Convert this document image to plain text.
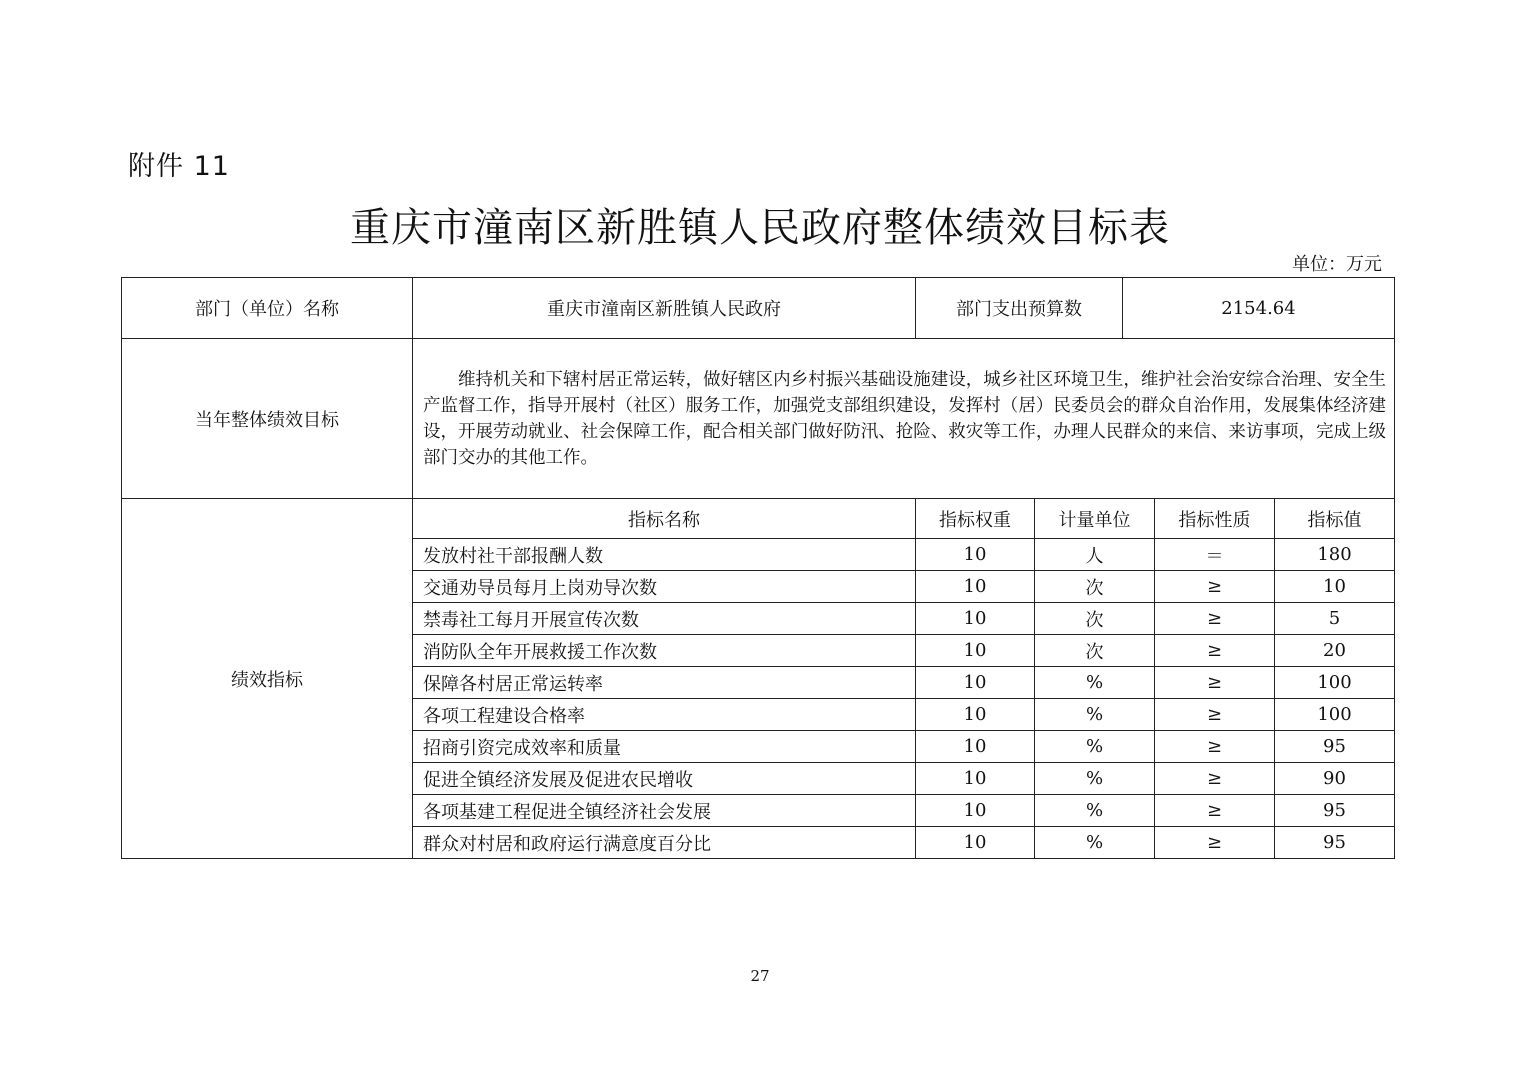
附件 11
重庆市潼南区新胜镇人民政府整体绩效目标表
单位：万元
部门（单位）名称	重庆市潼南区新胜镇人民政府	部门支出预算数		2154.64		
当年整体绩效目标	维持机关和下辖村居正常运转，做好辖区内乡村振兴基础设施建设，城乡社区环境卫生，维护社会治安综合治理、安全生产监督工作，指导开展村（社区）服务工作，加强党支部组织建设，发挥村（居）民委员会的群众自治作用，发展集体经济建设，开展劳动就业、社会保障工作，配合相关部门做好防汛、抢险、救灾等工作，办理人民群众的来信、来访事项，完成上级部门交办的其他工作。					
绩效指标	指标名称	指标权重	计量单位		指标性质	指标值
	发放村社干部报酬人数	10	人		＝	180
	交通劝导员每月上岗劝导次数	10	次		≥	10
	禁毒社工每月开展宣传次数	10	次		≥	5
	消防队全年开展救援工作次数	10	次		≥	20
	保障各村居正常运转率	10	%		≥	100
	各项工程建设合格率	10	%		≥	100
	招商引资完成效率和质量	10	%		≥	95
	促进全镇经济发展及促进农民增收	10	%		≥	90
	各项基建工程促进全镇经济社会发展	10	%		≥	95
	群众对村居和政府运行满意度百分比	10	%		≥	95
27
